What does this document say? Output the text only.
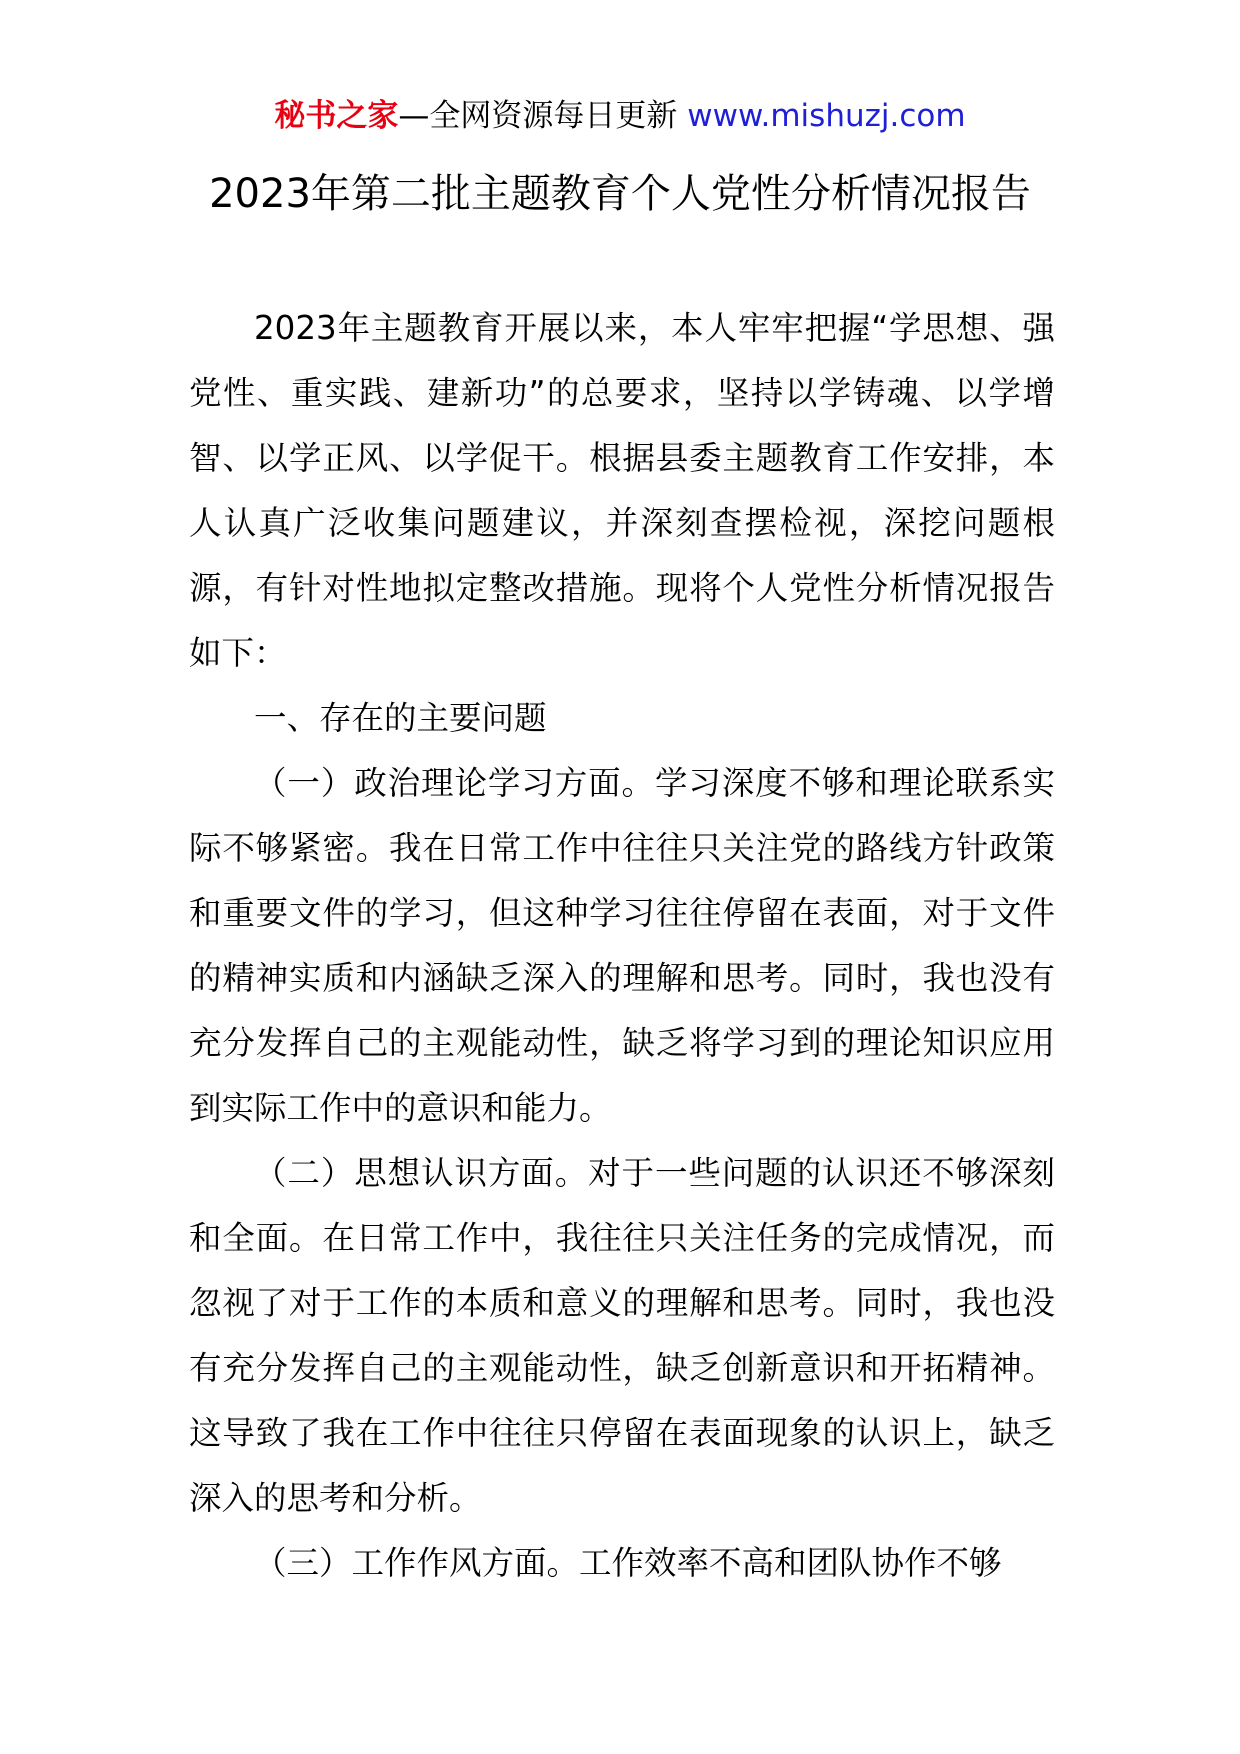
秘书之家—全网资源每日更新 www.mishuzj.com
2023年第二批主题教育个人党性分析情况报告

2023年主题教育开展以来，本人牢牢把握“学思想、强党性、重实践、建新功”的总要求，坚持以学铸魂、以学增智、以学正风、以学促干。根据县委主题教育工作安排，本人认真广泛收集问题建议，并深刻查摆检视，深挖问题根源，有针对性地拟定整改措施。现将个人党性分析情况报告如下：

一、存在的主要问题

（一）政治理论学习方面。学习深度不够和理论联系实际不够紧密。我在日常工作中往往只关注党的路线方针政策和重要文件的学习，但这种学习往往停留在表面，对于文件的精神实质和内涵缺乏深入的理解和思考。同时，我也没有充分发挥自己的主观能动性，缺乏将学习到的理论知识应用到实际工作中的意识和能力。

（二）思想认识方面。对于一些问题的认识还不够深刻和全面。在日常工作中，我往往只关注任务的完成情况，而忽视了对于工作的本质和意义的理解和思考。同时，我也没有充分发挥自己的主观能动性，缺乏创新意识和开拓精神。这导致了我在工作中往往只停留在表面现象的认识上，缺乏深入的思考和分析。

（三）工作作风方面。工作效率不高和团队协作不够
